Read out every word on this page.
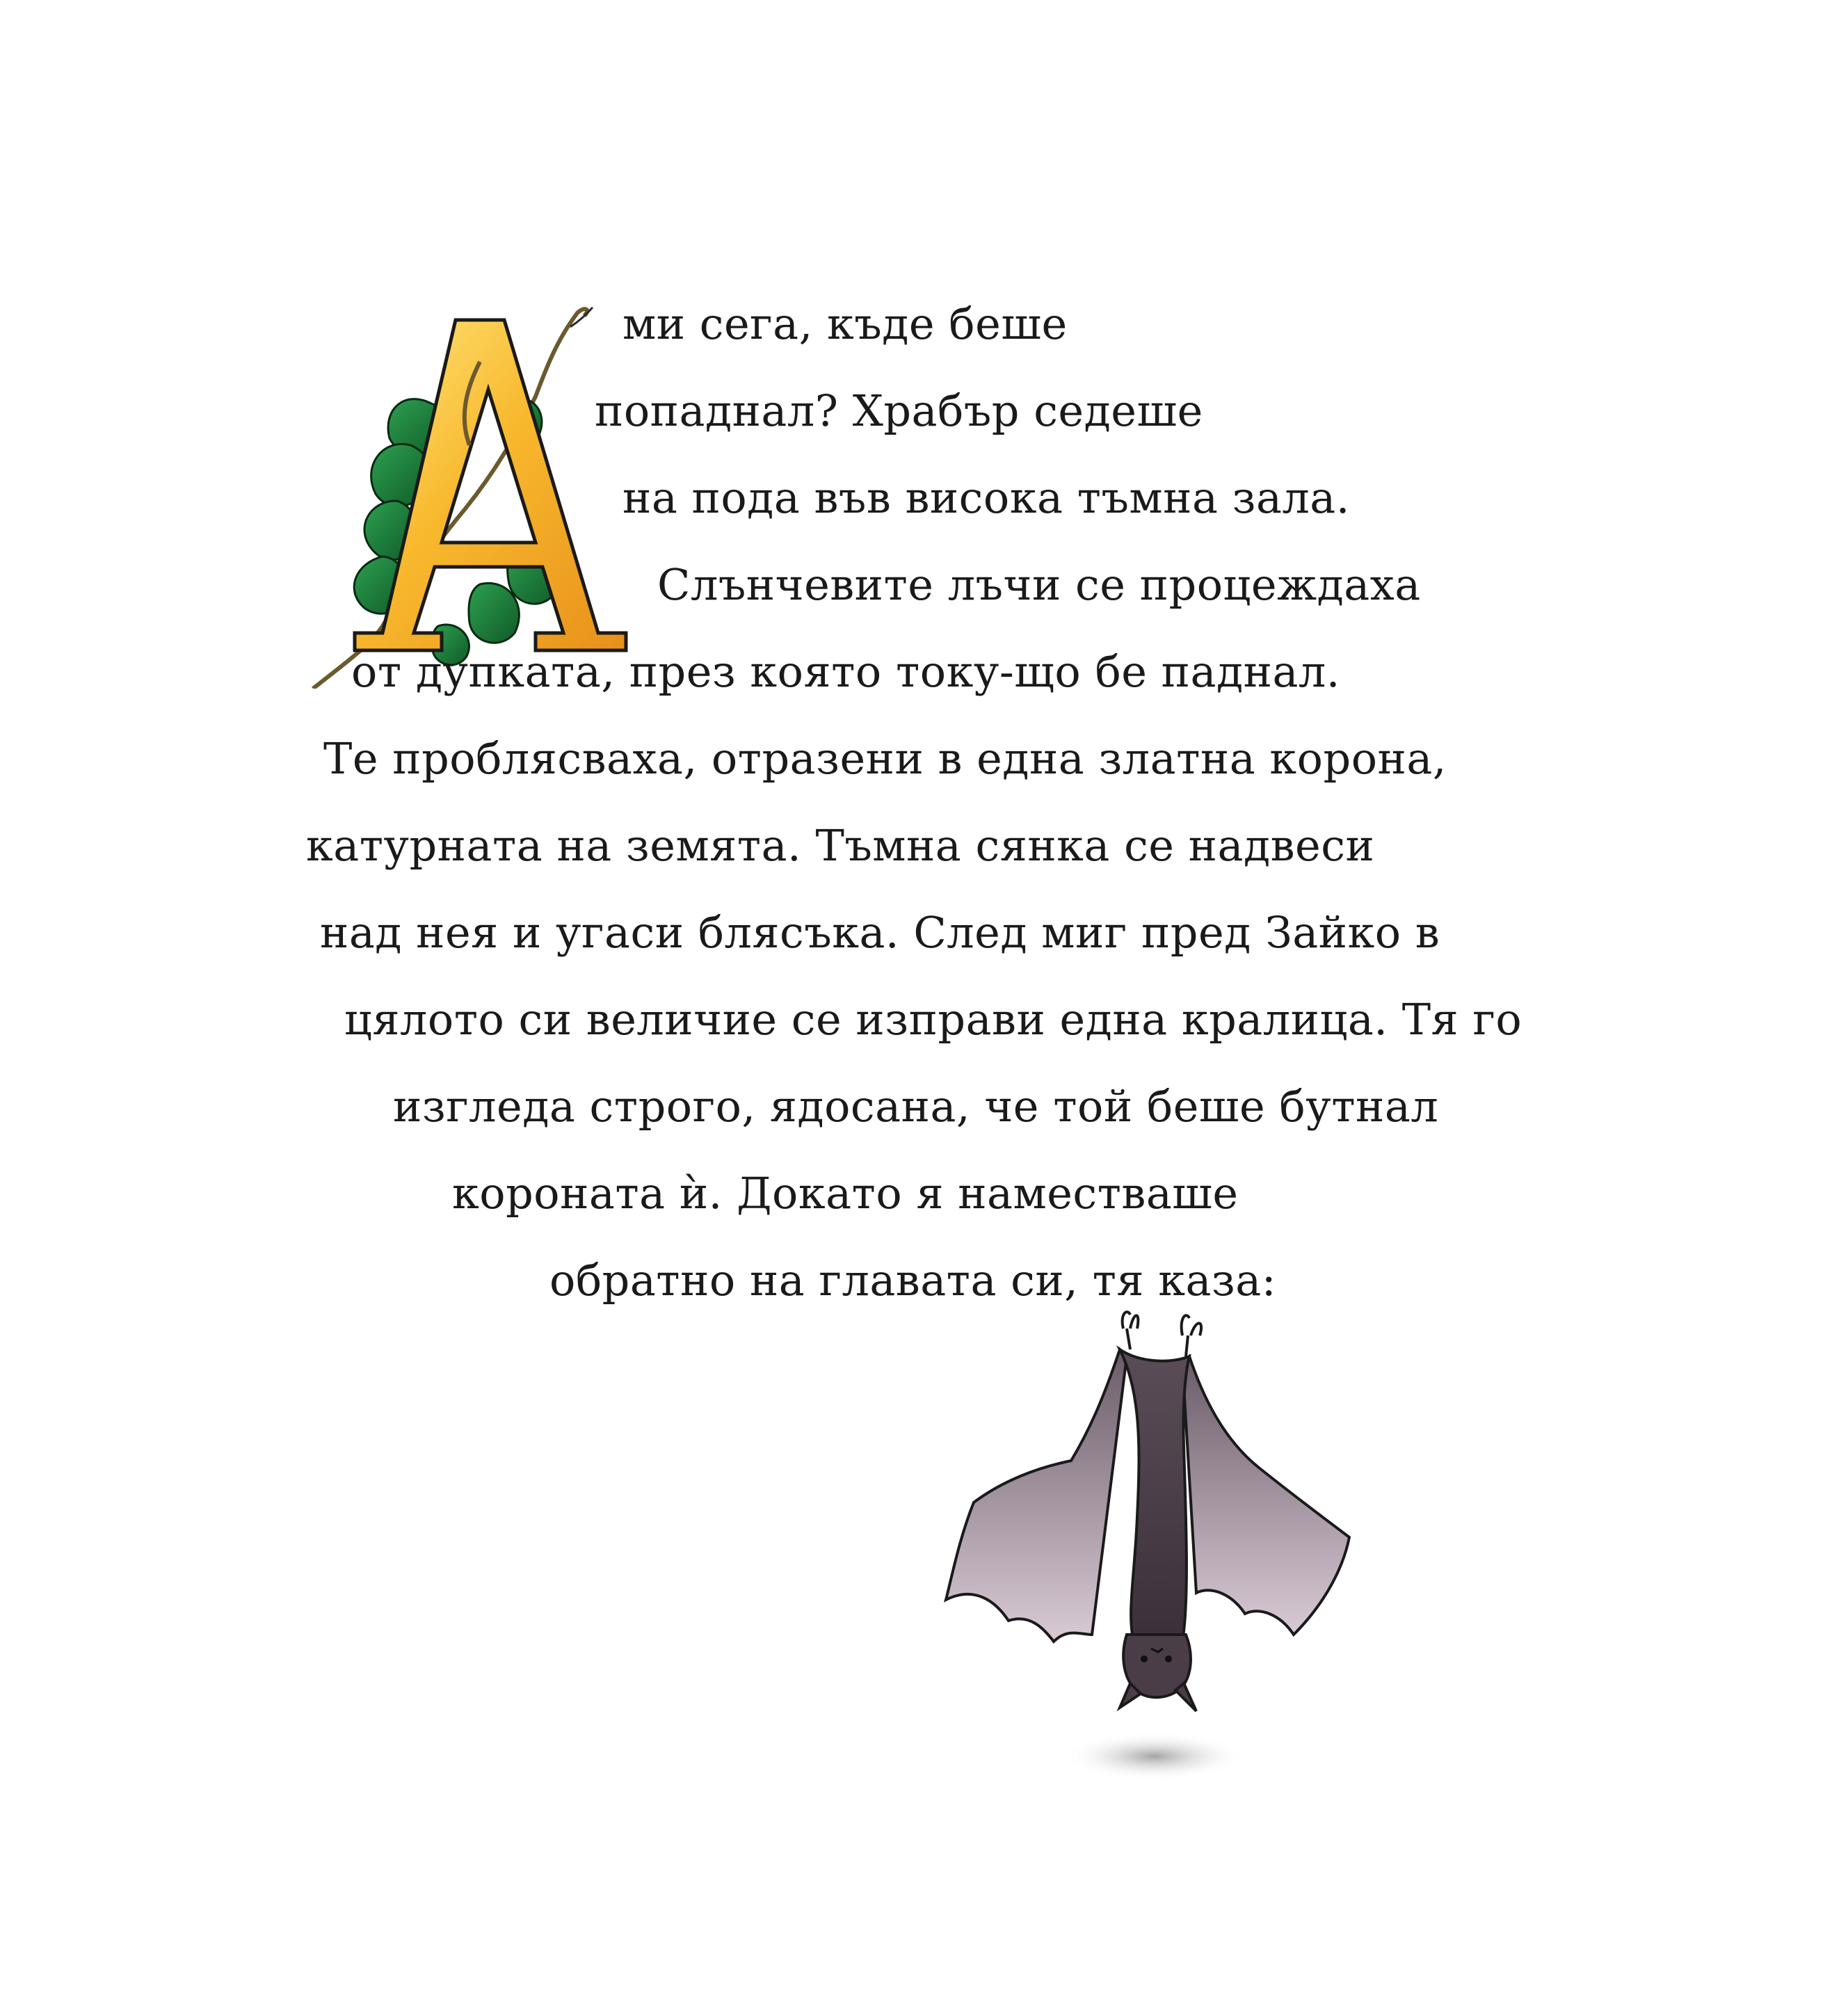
ми сега, къде беше
попаднал? Храбър седеше
на пода във висока тъмна зала.
Слънчевите лъчи се процеждаха
от дупката, през която току-що бе паднал.
Те проблясваха, отразени в една златна корона,
катурнатa на земята. Тъмна сянка се надвеси
над нея и угаси блясъка. След миг пред Зайко в
цялото си величие се изправи една кралица. Тя го
изгледа строго, ядосана, че той беше бутнал
короната ѝ. Докато я наместваше
обратно на главата си, тя каза:
